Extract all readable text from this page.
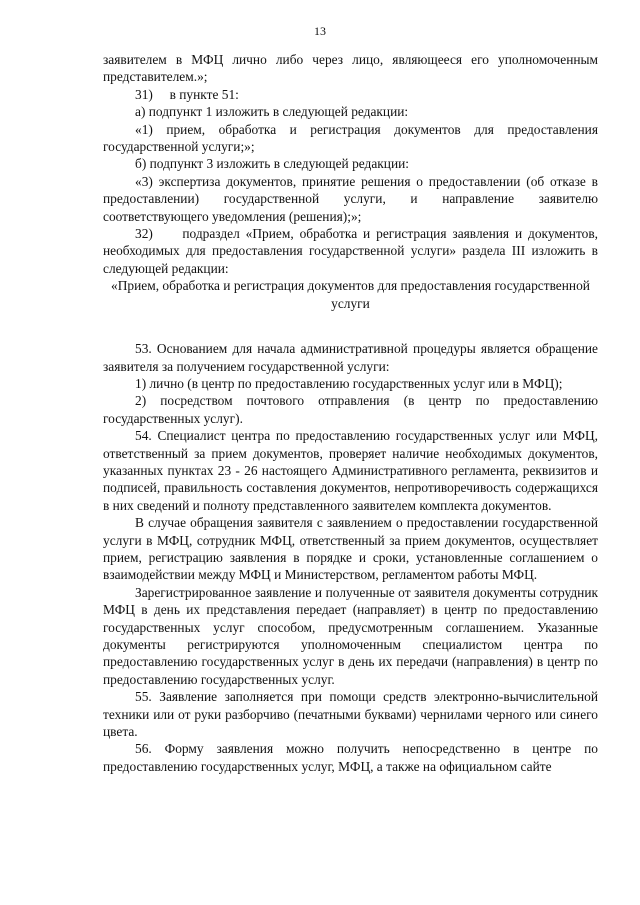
13

заявителем в МФЦ лично либо через лицо, являющееся его уполномоченным представителем.»;

31)     в пункте 51:

а) подпункт 1 изложить в следующей редакции:

«1) прием, обработка и регистрация документов для предоставления государственной услуги;»;

б) подпункт 3 изложить в следующей редакции:

«3) экспертиза документов, принятие решения о предоставлении (об отказе в предоставлении) государственной услуги, и направление заявителю соответствующего уведомления (решения);»;

32)     подраздел «Прием, обработка и регистрация заявления и документов, необходимых для предоставления государственной услуги» раздела III изложить в следующей редакции:

«Прием, обработка и регистрация документов для предоставления государственной услуги

53. Основанием для начала административной процедуры является обращение заявителя за получением государственной услуги:

1) лично (в центр по предоставлению государственных услуг или в МФЦ);

2) посредством почтового отправления (в центр по предоставлению государственных услуг).

54. Специалист центра по предоставлению государственных услуг или МФЦ, ответственный за прием документов, проверяет наличие необходимых документов, указанных пунктах 23 - 26 настоящего Административного регламента, реквизитов и подписей, правильность составления документов, непротиворечивость содержащихся в них сведений и полноту представленного заявителем комплекта документов.

В случае обращения заявителя с заявлением о предоставлении государственной услуги в МФЦ, сотрудник МФЦ, ответственный за прием документов, осуществляет прием, регистрацию заявления в порядке и сроки, установленные соглашением о взаимодействии между МФЦ и Министерством, регламентом работы МФЦ.

Зарегистрированное заявление и полученные от заявителя документы сотрудник МФЦ в день их представления передает (направляет) в центр по предоставлению государственных услуг способом, предусмотренным соглашением. Указанные документы регистрируются уполномоченным специалистом центра по предоставлению государственных услуг в день их передачи (направления) в центр по предоставлению государственных услуг.

55. Заявление заполняется при помощи средств электронно-вычислительной техники или от руки разборчиво (печатными буквами) чернилами черного или синего цвета.

56. Форму заявления можно получить непосредственно в центре по предоставлению государственных услуг, МФЦ, а также на официальном сайте
